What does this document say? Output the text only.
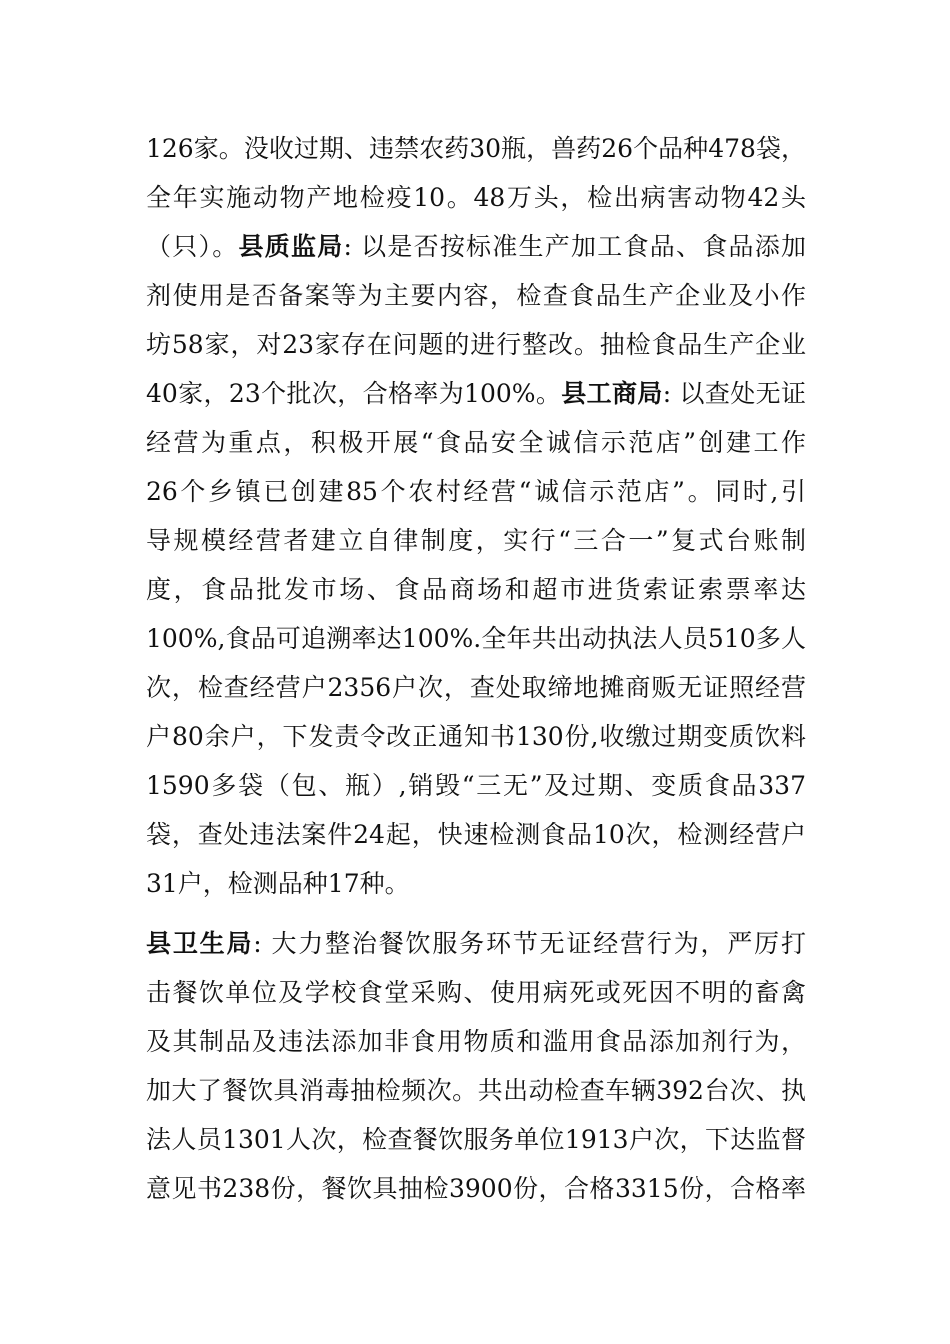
126家。没收过期、违禁农药30瓶，兽药26个品种478袋，
全年实施动物产地检疫10。48万头，检出病害动物42头
（只）。县质监局: 以是否按标准生产加工食品、食品添加
剂使用是否备案等为主要内容，检查食品生产企业及小作
坊58家，对23家存在问题的进行整改。抽检食品生产企业
40家，23个批次，合格率为100%。县工商局: 以查处无证
经营为重点，积极开展“食品安全诚信示范店”创建工作
26个乡镇已创建85个农村经营“诚信示范店”。同时,引
导规模经营者建立自律制度，实行“三合一”复式台账制
度，食品批发市场、食品商场和超市进货索证索票率达
100%,食品可追溯率达100%.全年共出动执法人员510多人
次，检查经营户2356户次，查处取缔地摊商贩无证照经营
户80余户，下发责令改正通知书130份,收缴过期变质饮料
1590多袋（包、瓶）,销毁“三无”及过期、变质食品337
袋，查处违法案件24起，快速检测食品10次，检测经营户
31户，检测品种17种。
县卫生局: 大力整治餐饮服务环节无证经营行为，严厉打
击餐饮单位及学校食堂采购、使用病死或死因不明的畜禽
及其制品及违法添加非食用物质和滥用食品添加剂行为，
加大了餐饮具消毒抽检频次。共出动检查车辆392台次、执
法人员1301人次，检查餐饮服务单位1913户次，下达监督
意见书238份，餐饮具抽检3900份，合格3315份，合格率
